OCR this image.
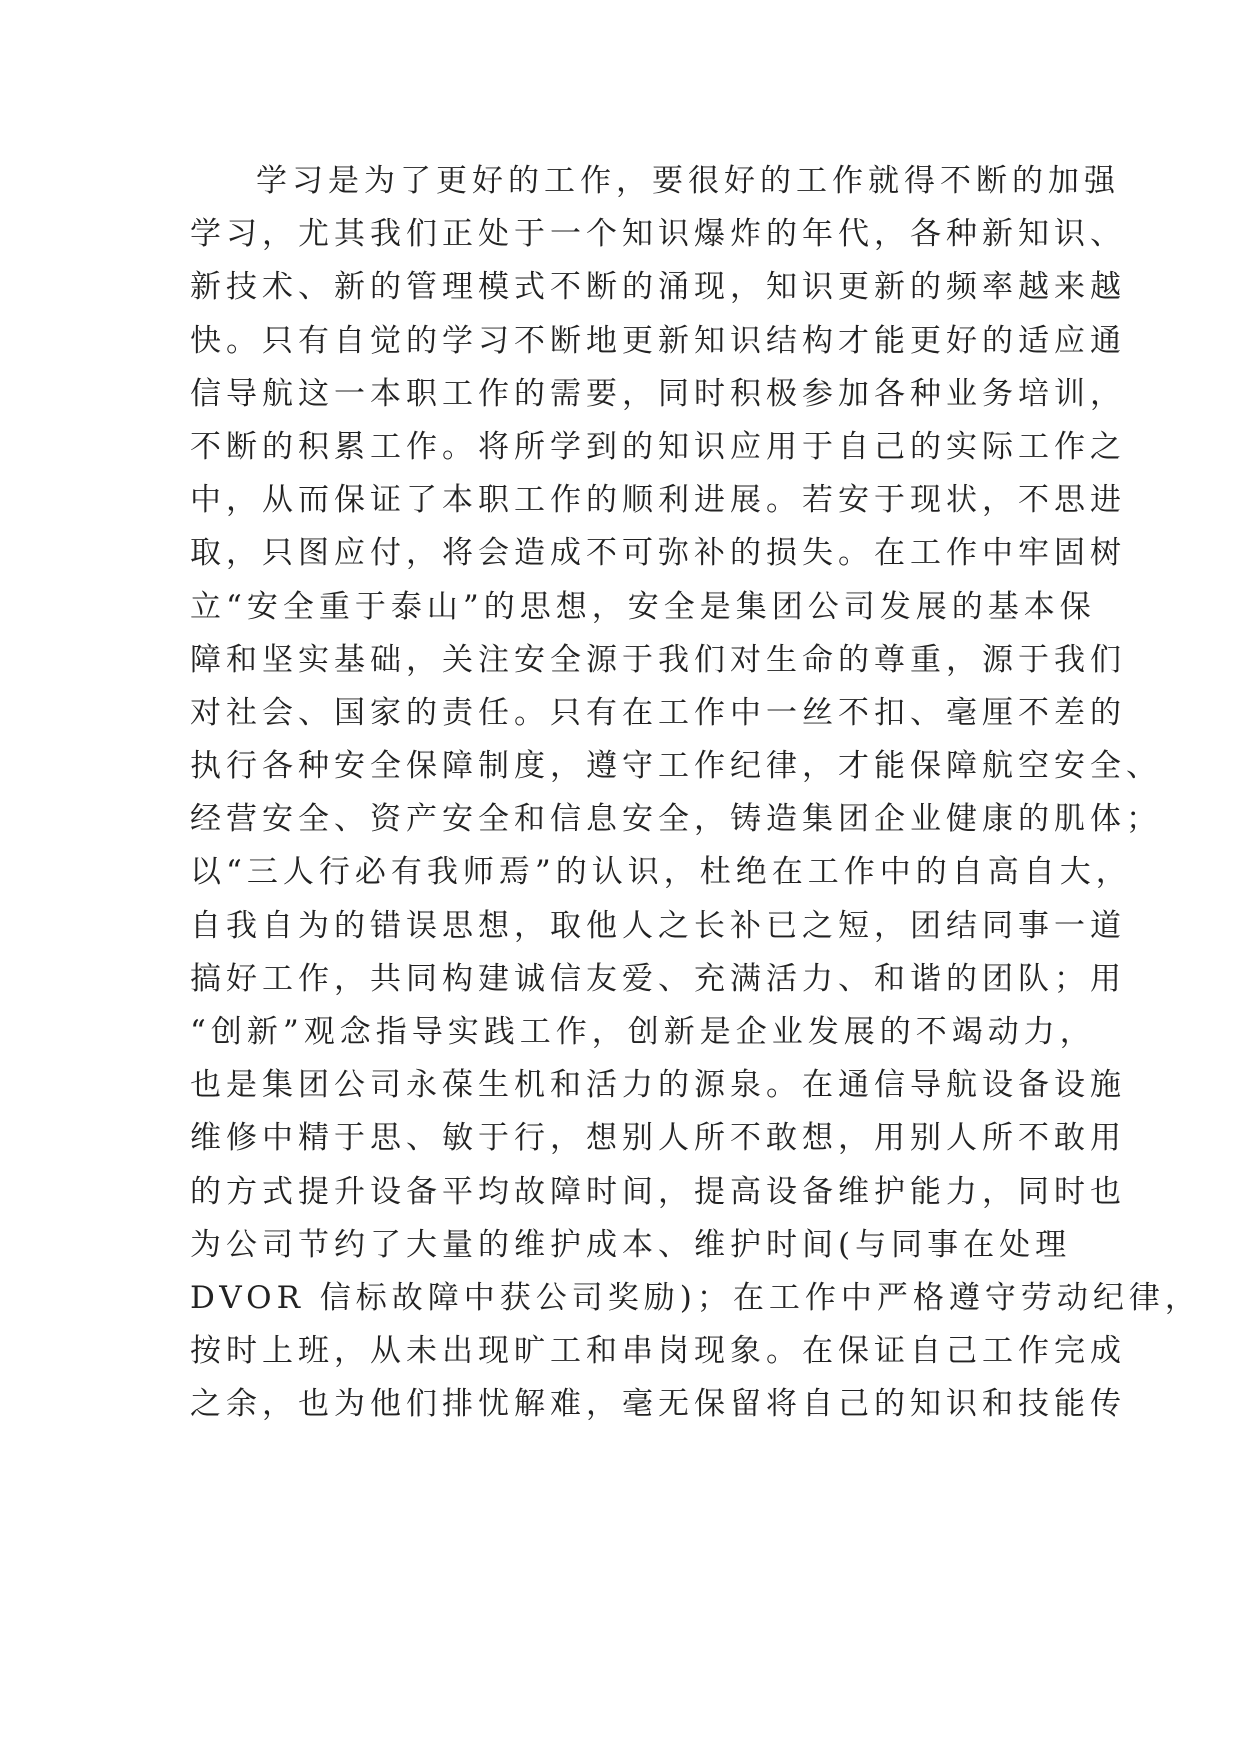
学习是为了更好的工作，要很好的工作就得不断的加强
学习，尤其我们正处于一个知识爆炸的年代，各种新知识、
新技术、新的管理模式不断的涌现，知识更新的频率越来越
快。只有自觉的学习不断地更新知识结构才能更好的适应通
信导航这一本职工作的需要，同时积极参加各种业务培训，
不断的积累工作。将所学到的知识应用于自己的实际工作之
中，从而保证了本职工作的顺利进展。若安于现状，不思进
取，只图应付，将会造成不可弥补的损失。在工作中牢固树
立“安全重于泰山”的思想，安全是集团公司发展的基本保
障和坚实基础，关注安全源于我们对生命的尊重，源于我们
对社会、国家的责任。只有在工作中一丝不扣、毫厘不差的
执行各种安全保障制度，遵守工作纪律，才能保障航空安全、
经营安全、资产安全和信息安全，铸造集团企业健康的肌体；
以“三人行必有我师焉”的认识，杜绝在工作中的自高自大，
自我自为的错误思想，取他人之长补已之短，团结同事一道
搞好工作，共同构建诚信友爱、充满活力、和谐的团队；用
“创新”观念指导实践工作，创新是企业发展的不竭动力，
也是集团公司永葆生机和活力的源泉。在通信导航设备设施
维修中精于思、敏于行，想别人所不敢想，用别人所不敢用
的方式提升设备平均故障时间，提高设备维护能力，同时也
为公司节约了大量的维护成本、维护时间(与同事在处理
DVOR 信标故障中获公司奖励)；在工作中严格遵守劳动纪律，
按时上班，从未出现旷工和串岗现象。在保证自己工作完成
之余，也为他们排忧解难，毫无保留将自己的知识和技能传
